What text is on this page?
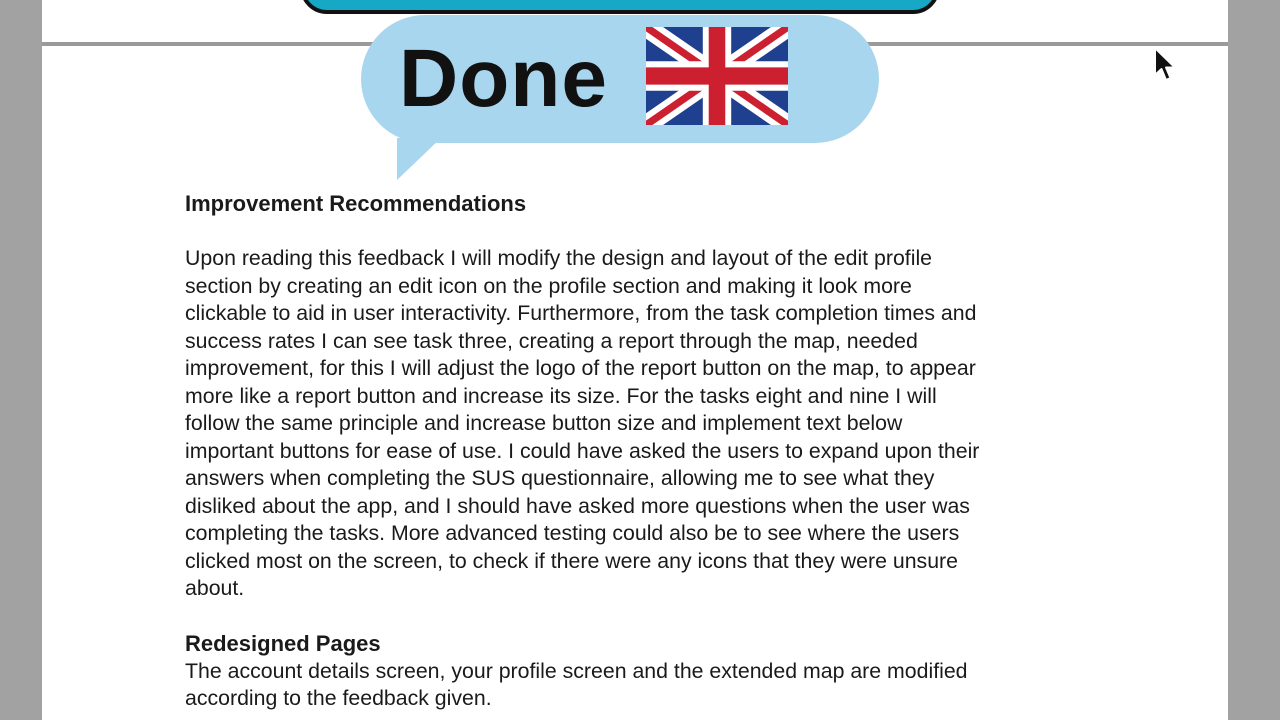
Done
Improvement Recommendations
Upon reading this feedback I will modify the design and layout of the edit profile
section by creating an edit icon on the profile section and making it look more
clickable to aid in user interactivity. Furthermore, from the task completion times and
success rates I can see task three, creating a report through the map, needed
improvement, for this I will adjust the logo of the report button on the map, to appear
more like a report button and increase its size. For the tasks eight and nine I will
follow the same principle and increase button size and implement text below
important buttons for ease of use. I could have asked the users to expand upon their
answers when completing the SUS questionnaire, allowing me to see what they
disliked about the app, and I should have asked more questions when the user was
completing the tasks. More advanced testing could also be to see where the users
clicked most on the screen, to check if there were any icons that they were unsure
about.
Redesigned Pages
The account details screen, your profile screen and the extended map are modified
according to the feedback given.
